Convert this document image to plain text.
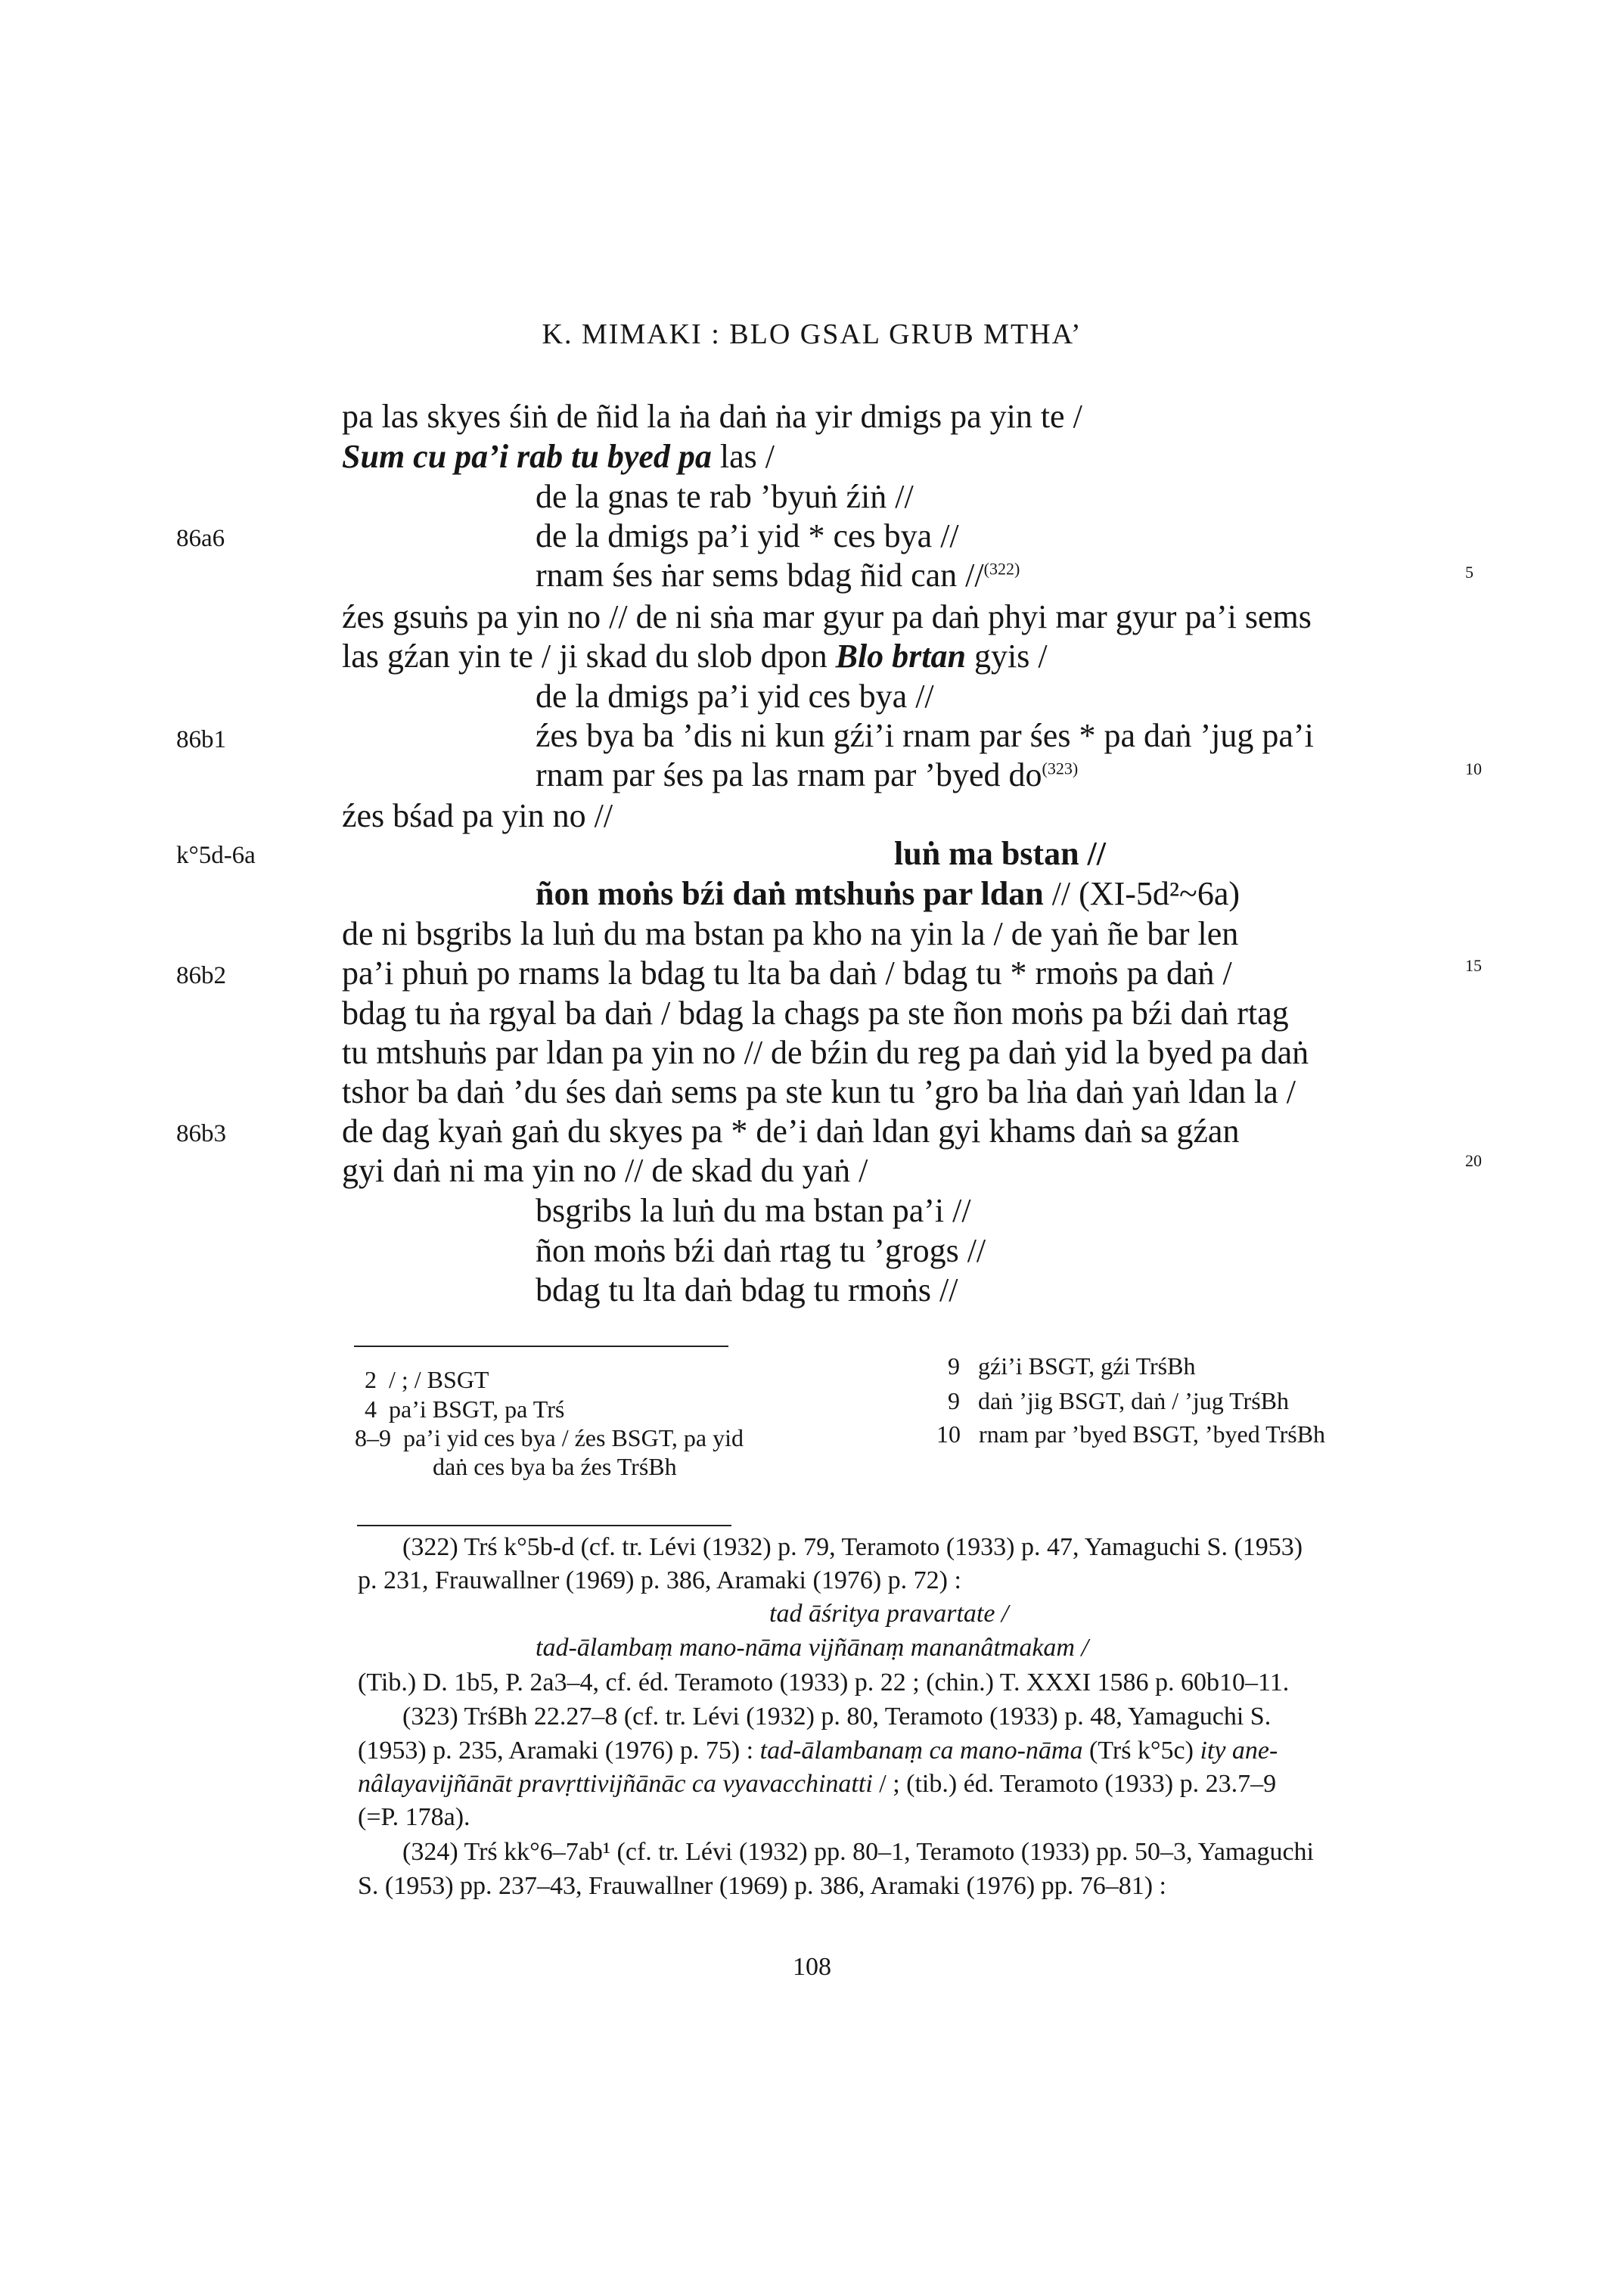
K. MIMAKI : BLO GSAL GRUB MTHA’
86a6
86b1
k°5d-6a
86b2
86b3
5
10
15
20
pa las skyes śiṅ de ñid la ṅa daṅ ṅa yir dmigs pa yin te /
Sum cu pa’i rab tu byed pa las /
de la gnas te rab ’byuṅ źiṅ //
de la dmigs pa’i yid * ces bya //
rnam śes ṅar sems bdag ñid can //$^{(322)}$
źes gsuṅs pa yin no // de ni sṅa mar gyur pa daṅ phyi mar gyur pa’i sems
las gźan yin te / ji skad du slob dpon Blo brtan gyis /
de la dmigs pa’i yid ces bya //
źes bya ba ’dis ni kun gźi’i rnam par śes * pa daṅ ’jug pa’i
rnam par śes pa las rnam par ’byed $do^{(323)}$
źes bśad pa yin no //
luṅ ma bstan //
ñon moṅs bźi daṅ mtshuṅs par ldan // (XI-5d²~6a)
de ni bsgribs la luṅ du ma bstan pa kho na yin la / de yaṅ ñe bar len
pa’i phuṅ po rnams la bdag tu lta ba daṅ / bdag tu * rmoṅs pa daṅ /
bdag tu ṅa rgyal ba daṅ / bdag la chags pa ste ñon moṅs pa bźi daṅ rtag
tu mtshuṅs par ldan pa yin no // de bźin du reg pa daṅ yid la byed pa daṅ
tshor ba daṅ ’du śes daṅ sems pa ste kun tu ’gro ba lṅa daṅ yaṅ ldan la /
de dag kyaṅ gaṅ du skyes pa * de’i daṅ ldan gyi khams daṅ sa gźan
gyi daṅ ni ma yin no // de skad du yaṅ /
bsgribs la luṅ du ma bstan pa’i //
ñon moṅs bźi daṅ rtag tu ’grogs //
bdag tu lta daṅ bdag tu rmoṅs //
2 / ; / BSGT
4 pa’i BSGT, pa Trś
8–9 pa’i yid ces bya / źes BSGT, pa yid
daṅ ces bya ba źes TrśBh
9 gźi’i BSGT, gźi TrśBh
9 daṅ ’jig BSGT, daṅ / ’jug TrśBh
10 rnam par ’byed BSGT, ’byed TrśBh
(322) Trś k°5b-d (cf. tr. Lévi (1932) p. 79, Teramoto (1933) p. 47, Yamaguchi S. (1953)
p. 231, Frauwallner (1969) p. 386, Aramaki (1976) p. 72) :
tad āśritya pravartate /
tad-ālambaṃ mano-nāma vijñānaṃ mananâtmakam /
(Tib.) D. 1b5, P. 2a3–4, cf. éd. Teramoto (1933) p. 22 ; (chin.) T. XXXI 1586 p. 60b10–11.
(323) TrśBh 22.27–8 (cf. tr. Lévi (1932) p. 80, Teramoto (1933) p. 48, Yamaguchi S.
(1953) p. 235, Aramaki (1976) p. 75) : tad-ālambanaṃ ca mano-nāma (Trś k°5c) ity ane-
nâlayavijñānāt pravṛttivijñānāc ca vyavacchinatti / ; (tib.) éd. Teramoto (1933) p. 23.7–9
(=P. 178a).
(324) Trś kk°6–7ab¹ (cf. tr. Lévi (1932) pp. 80–1, Teramoto (1933) pp. 50–3, Yamaguchi
S. (1953) pp. 237–43, Frauwallner (1969) p. 386, Aramaki (1976) pp. 76–81) :
108
